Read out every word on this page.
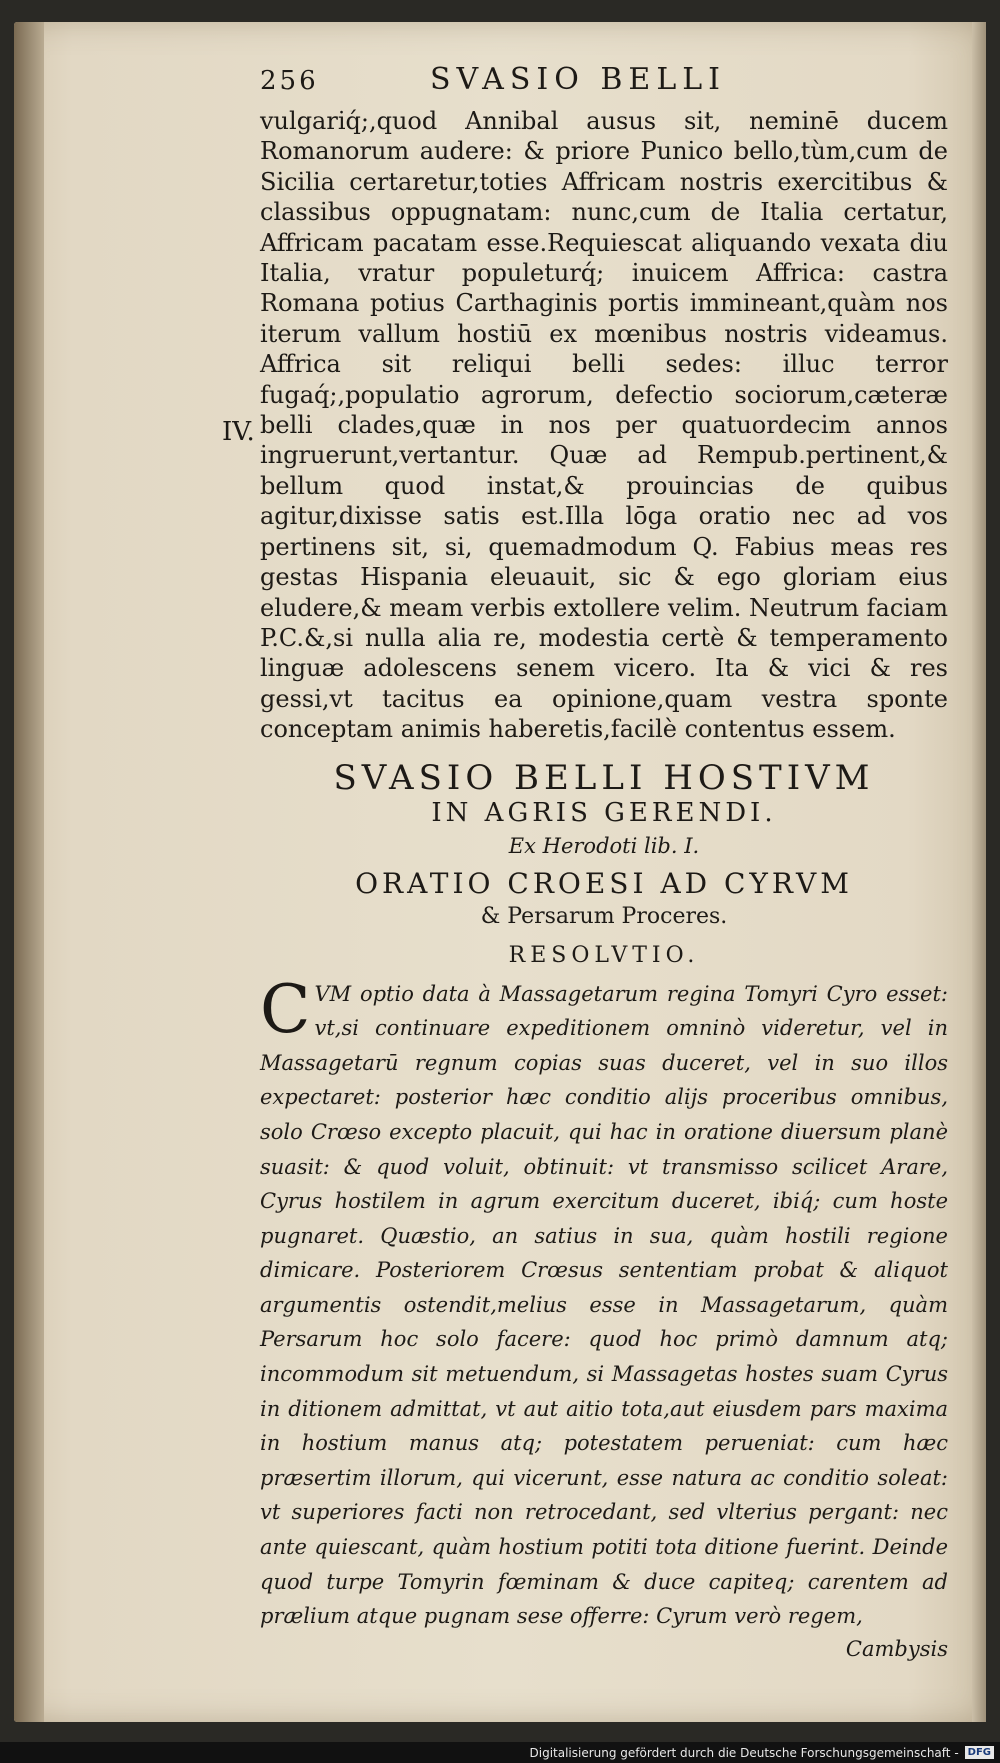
IV.
256	SVASIO BELLI

vulgariq́;,quod Annibal ausus sit, neminē ducem Romanorum audere: & priore Punico bello,tùm,cum de Sicilia certaretur,toties Affricam nostris exercitibus & classibus oppugnatam: nunc,cum de Italia certatur, Affricam pacatam esse.Requiescat aliquando vexata diu Italia, vratur populeturq́; inuicem Affrica: castra Romana potius Carthaginis portis immineant,quàm nos iterum vallum hostiū ex mœnibus nostris videamus. Affrica sit reliqui belli sedes: illuc terror fugaq́;,populatio agrorum, defectio sociorum,cæteræ belli clades,quæ in nos per quatuordecim annos ingruerunt,vertantur. Quæ ad Rempub.pertinent,& bellum quod instat,& prouincias de quibus agitur,dixisse satis est.Illa lōga oratio nec ad vos pertinens sit, si, quemadmodum Q. Fabius meas res gestas Hispania eleuauit, sic & ego gloriam eius eludere,& meam verbis extollere velim. Neutrum faciam P.C.&,si nulla alia re, modestia certè & temperamento linguæ adolescens senem vicero. Ita & vici & res gessi,vt tacitus ea opinione,quam vestra sponte conceptam animis haberetis,facilè contentus essem.

SVASIO BELLI HOSTIVM
IN AGRIS GERENDI.
Ex Herodoti lib. I.
ORATIO CROESI AD CYRVM
& Persarum Proceres.
RESOLVTIO.

CVM optio data à Massagetarum regina Tomyri Cyro esset: vt,si continuare expeditionem omninò videretur, vel in Massagetarū regnum copias suas duceret, vel in suo illos expectaret: posterior hæc conditio alijs proceribus omnibus, solo Crœso excepto placuit, qui hac in oratione diuersum planè suasit: & quod voluit, obtinuit: vt transmisso scilicet Arare, Cyrus hostilem in agrum exercitum duceret, ibiq́; cum hoste pugnaret. Quæstio, an satius in sua, quàm hostili regione dimicare. Posteriorem Crœsus sententiam probat & aliquot argumentis ostendit,melius esse in Massagetarum, quàm Persarum hoc solo facere: quod hoc primò damnum atq; incommodum sit metuendum, si Massagetas hostes suam Cyrus in ditionem admittat, vt aut aitio tota,aut eiusdem pars maxima in hostium manus atq; potestatem perueniat: cum hæc præsertim illorum, qui vicerunt, esse natura ac conditio soleat: vt superiores facti non retrocedant, sed vlterius pergant: nec ante quiescant, quàm hostium potiti tota ditione fuerint. Deinde quod turpe Tomyrin fœminam & duce capiteq; carentem ad prælium atque pugnam sese offerre: Cyrum verò regem,

Cambysis
Digitalisierung gefördert durch die Deutsche Forschungsgemeinschaft - DFG
